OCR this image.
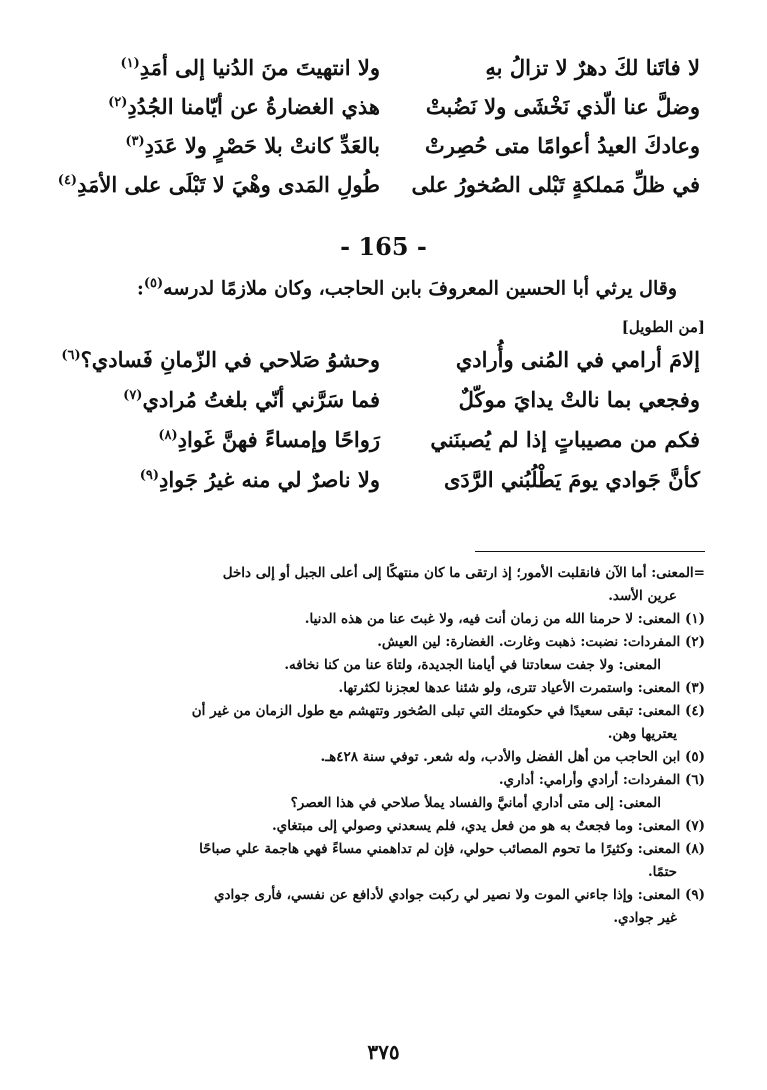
لا فاتَنا لكَ دهرٌ لا تزالُ بهِ
ولا انتهيتَ منَ الدُنيا إلى أمَدِ$^{(١)}$
وضلَّ عنا الّذي نَخْشَى ولا نَضُبتْ
هذي الغضارةُ عن أيّامنا الجُدُدِ$^{(٢)}$
وعادكَ العيدُ أعوامًا متى حُصِرتْ
بالعَدِّ كانتْ بلا حَصْرٍ ولا عَدَدِ$^{(٣)}$
في ظلِّ مَملكةٍ تَبْلى الصُخورُ على
طُولِ المَدى وهْيَ لا تَبْلَى على الأمَدِ$^{(٤)}$
- 165 -
وقال يرثي أبا الحسين المعروفَ بابن الحاجب، وكان ملازمًا لدرسه$^{(٥)}$:
[من الطويل]
إلامَ أرامي في المُنى وأُرادي
وحشوُ صَلاحي في الزّمانِ فَسادي؟$^{(٦)}$
وفجعي بما نالتْ يدايَ موكّلٌ
فما سَرَّني أنّي بلغتُ مُرادي$^{(٧)}$
فكم من مصيباتٍ إذا لم يُصبنَني
رَواحًا وإمساءً فهنَّ غَوادِ$^{(٨)}$
كأنَّ جَوادي يومَ يَطْلُبُني الرَّدَى
ولا ناصرٌ لي منه غيرُ جَوادِ$^{(٩)}$

=المعنى: أما الآن فانقلبت الأمور؛ إذ ارتقى ما كان منتهكًا إلى أعلى الجبل أو إلى داخل
عرين الأسد.

(١) المعنى: لا حرمنا الله من زمان أنت فيه، ولا غبتَ عنا من هذه الدنيا.

(٢) المفردات: نضبت: ذهبت وغارت. الغضارة: لين العيش.

المعنى: ولا جفت سعادتنا في أيامنا الجديدة، ولتاهَ عنا من كنا نخافه.

(٣) المعنى: واستمرت الأعياد تترى، ولو شئنا عدها لعجزنا لكثرتها.

(٤) المعنى: تبقى سعيدًا في حكومتك التي تبلى الصُخور وتتهشم مع طول الزمان من غير أن
يعتريها وهن.

(٥) ابن الحاجب من أهل الفضل والأدب، وله شعر. توفي سنة ٤٢٨هـ.

(٦) المفردات: أرادي وأرامي: أداري.

المعنى: إلى متى أداري أمانيَّ والفساد يملأ صلاحي في هذا العصر؟

(٧) المعنى: وما فجعتُ به هو من فعل يدي، فلم يسعدني وصولي إلى مبتغاي.

(٨) المعنى: وكثيرًا ما تحوم المصائب حولي، فإن لم تداهمني مساءً فهي هاجمة علي صباحًا
حتمًا.

(٩) المعنى: وإذا جاءني الموت ولا نصير لي ركبت جوادي لأدافع عن نفسي، فأرى جوادي
غير جوادي.

٣٧٥
